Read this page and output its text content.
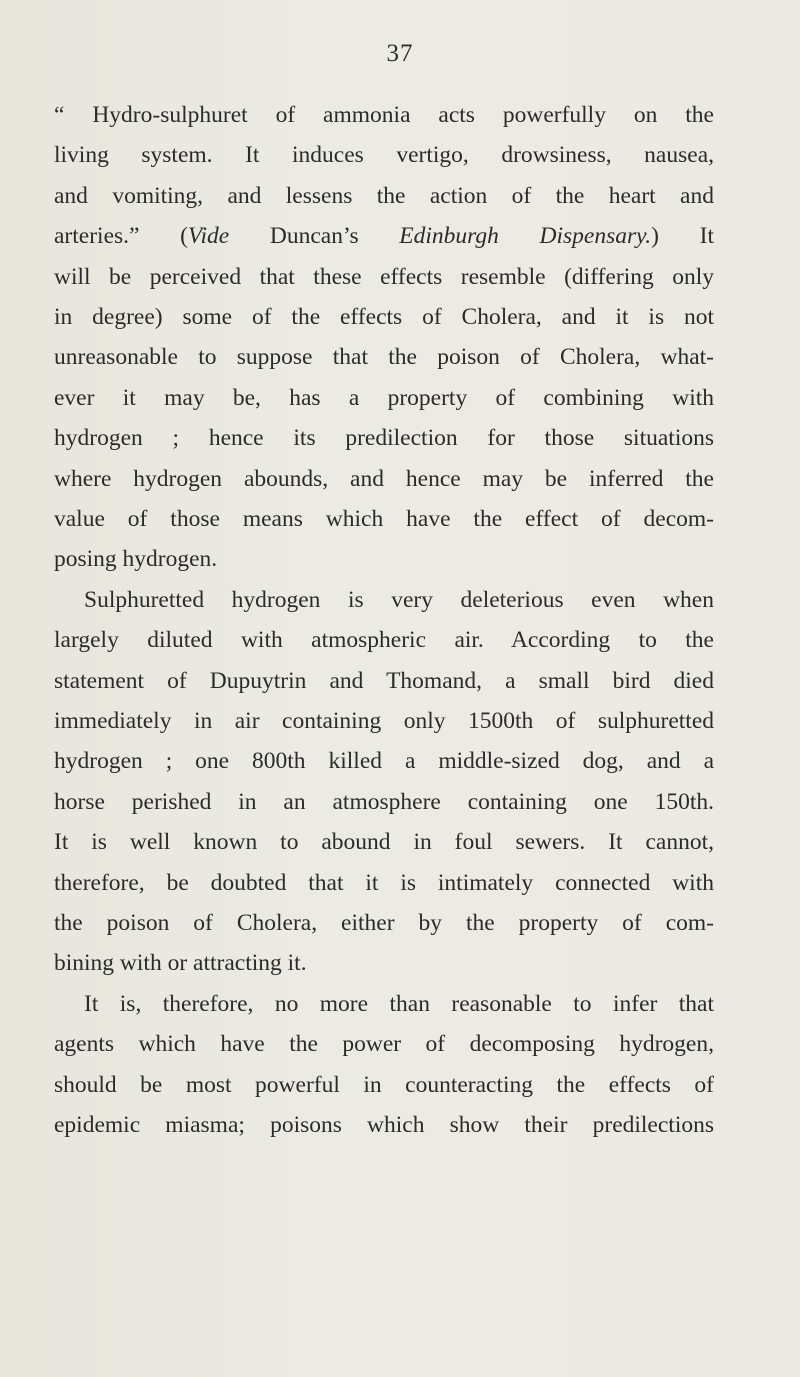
37
“ Hydro-sulphuret of ammonia acts powerfully on the
living system. It induces vertigo, drowsiness, nausea,
and vomiting, and lessens the action of the heart and
arteries.” (Vide Duncan’s Edinburgh Dispensary.) It
will be perceived that these effects resemble (differing only
in degree) some of the effects of Cholera, and it is not
unreasonable to suppose that the poison of Cholera, what-
ever it may be, has a property of combining with
hydrogen ; hence its predilection for those situations
where hydrogen abounds, and hence may be inferred the
value of those means which have the effect of decom-
posing hydrogen.
Sulphuretted hydrogen is very deleterious even when
largely diluted with atmospheric air. According to the
statement of Dupuytrin and Thomand, a small bird died
immediately in air containing only 1500th of sulphuretted
hydrogen ; one 800th killed a middle-sized dog, and a
horse perished in an atmosphere containing one 150th.
It is well known to abound in foul sewers. It cannot,
therefore, be doubted that it is intimately connected with
the poison of Cholera, either by the property of com-
bining with or attracting it.
It is, therefore, no more than reasonable to infer that
agents which have the power of decomposing hydrogen,
should be most powerful in counteracting the effects of
epidemic miasma; poisons which show their predilections
